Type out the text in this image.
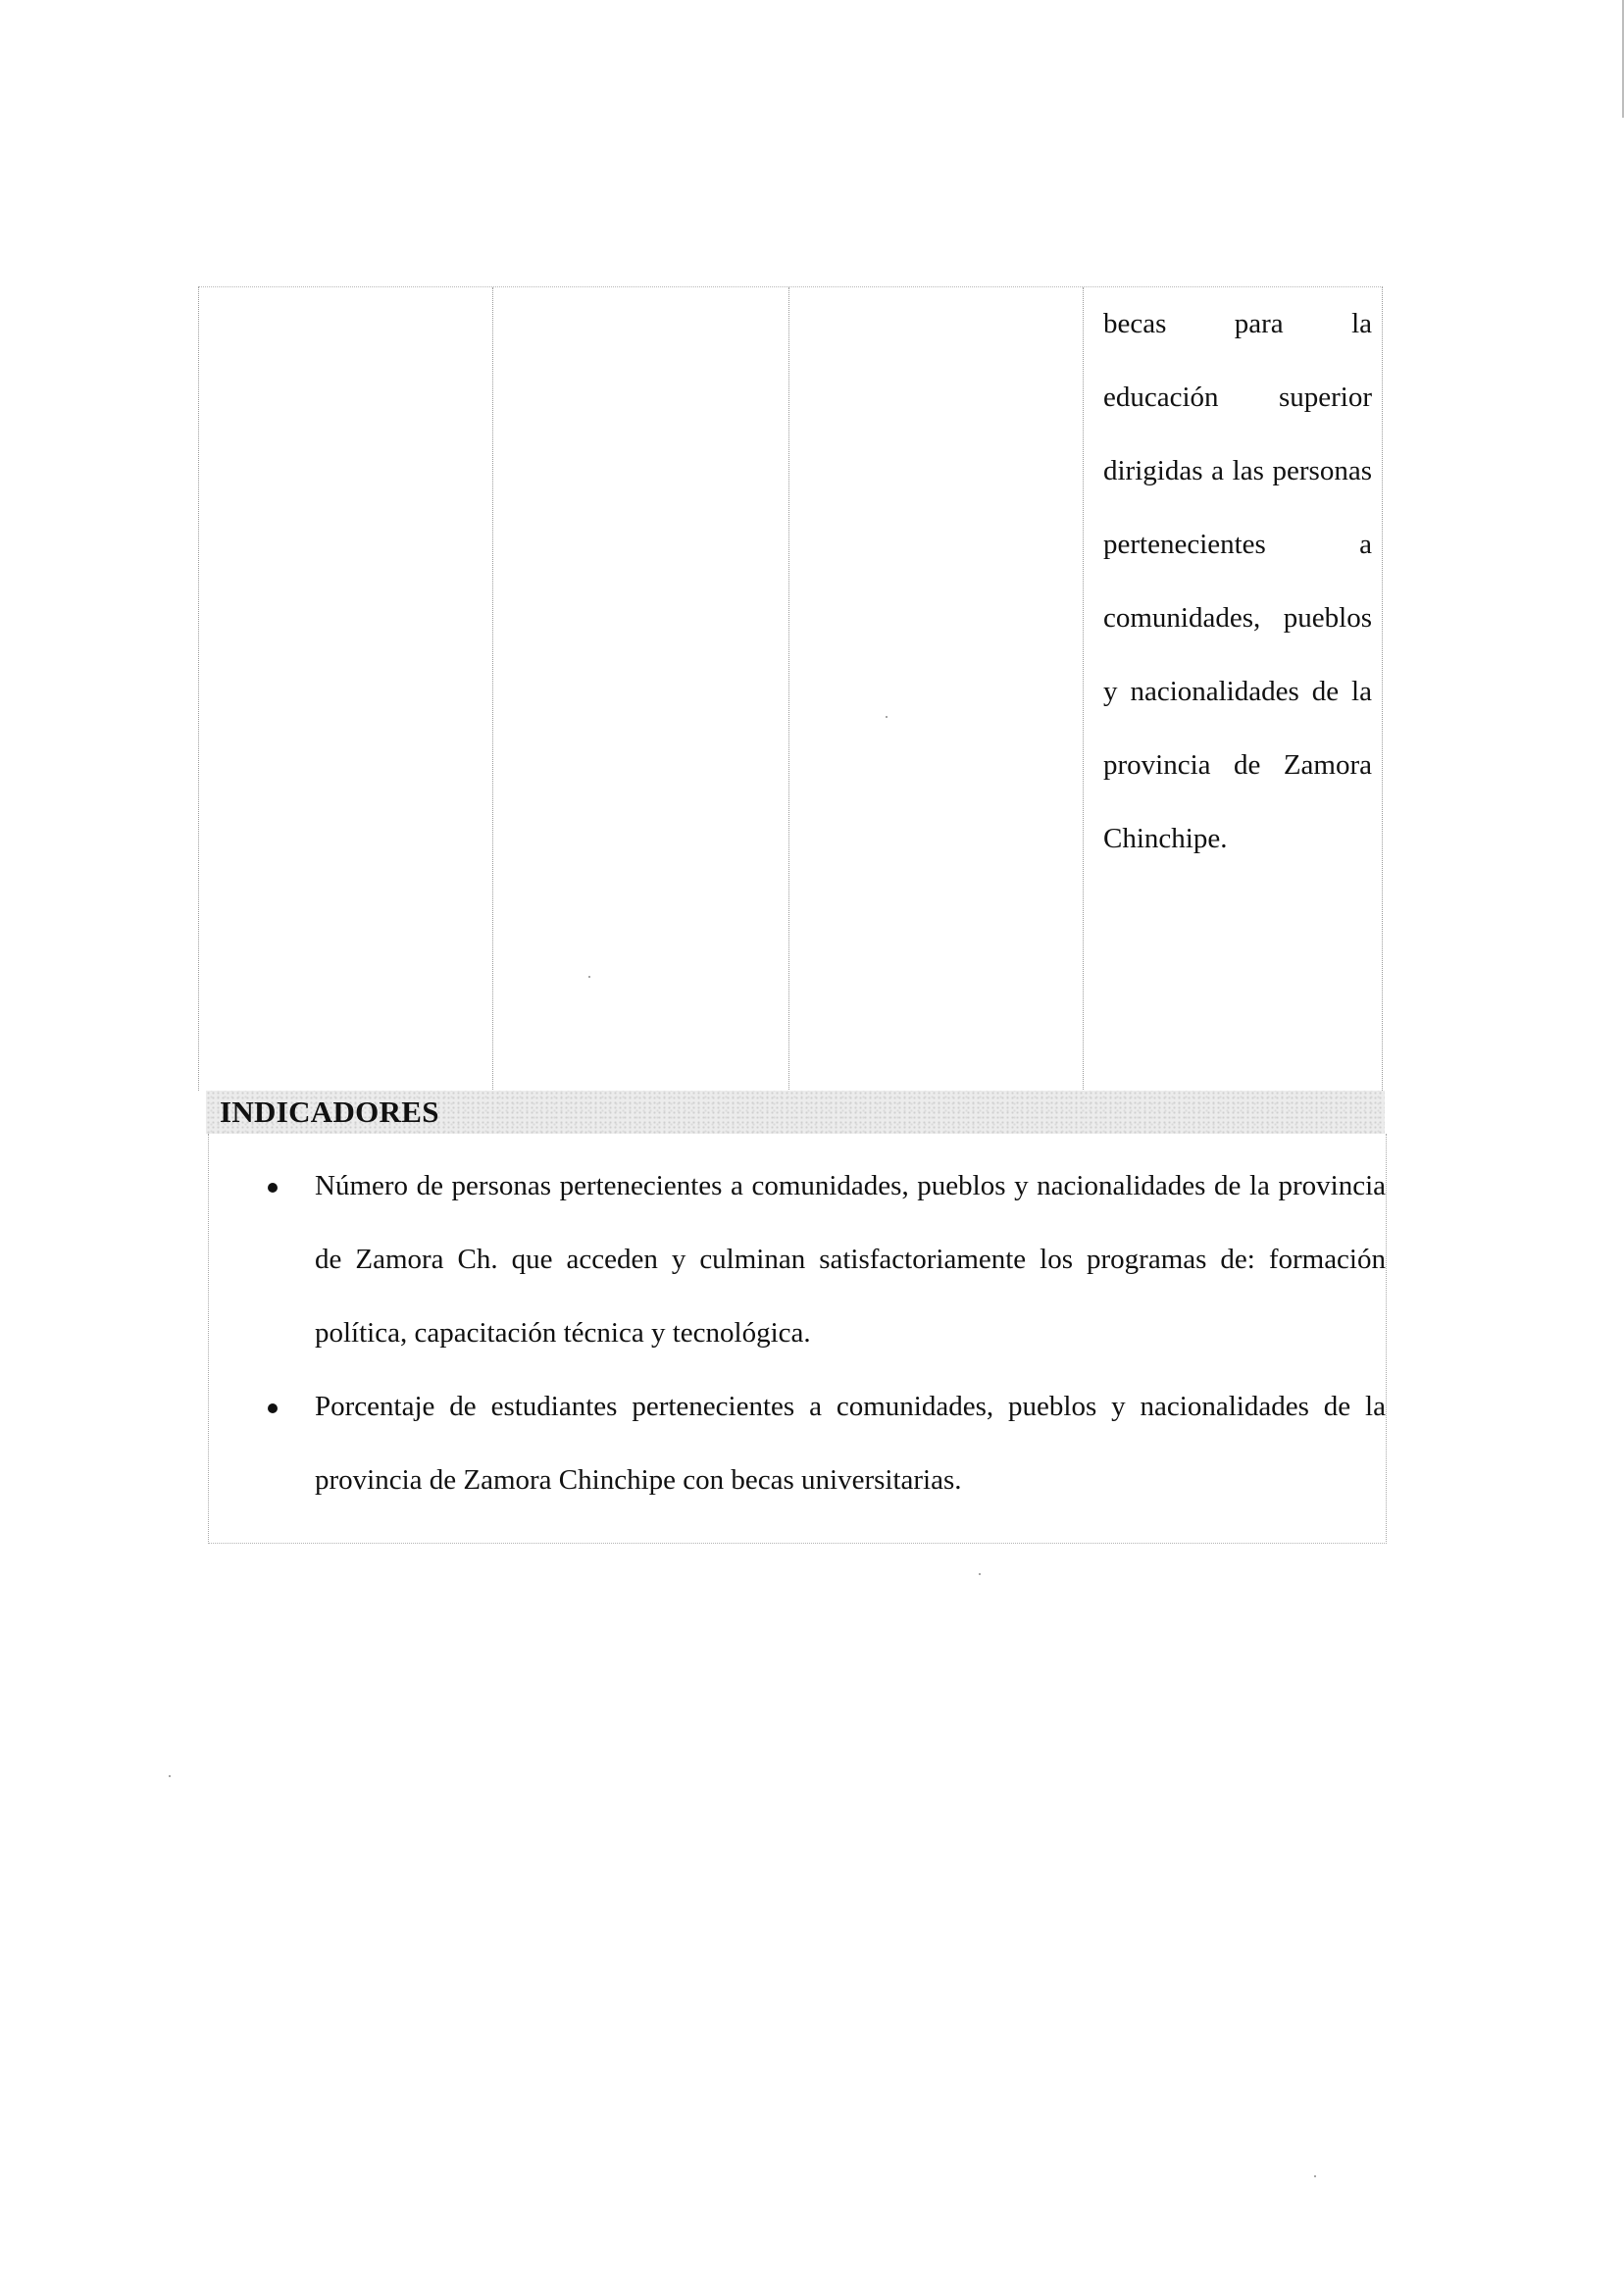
becas para la educación superior dirigidas a las personas pertenecientes a comunidades, pueblos y nacionalidades de la provincia de Zamora Chinchipe.

INDICADORES

Número de personas pertenecientes a comunidades, pueblos y nacionalidades de la provincia de Zamora Ch. que acceden y culminan satisfactoriamente los programas de: formación política, capacitación técnica y tecnológica.

Porcentaje de estudiantes pertenecientes a comunidades, pueblos y nacionalidades de la provincia de Zamora Chinchipe con becas universitarias.
